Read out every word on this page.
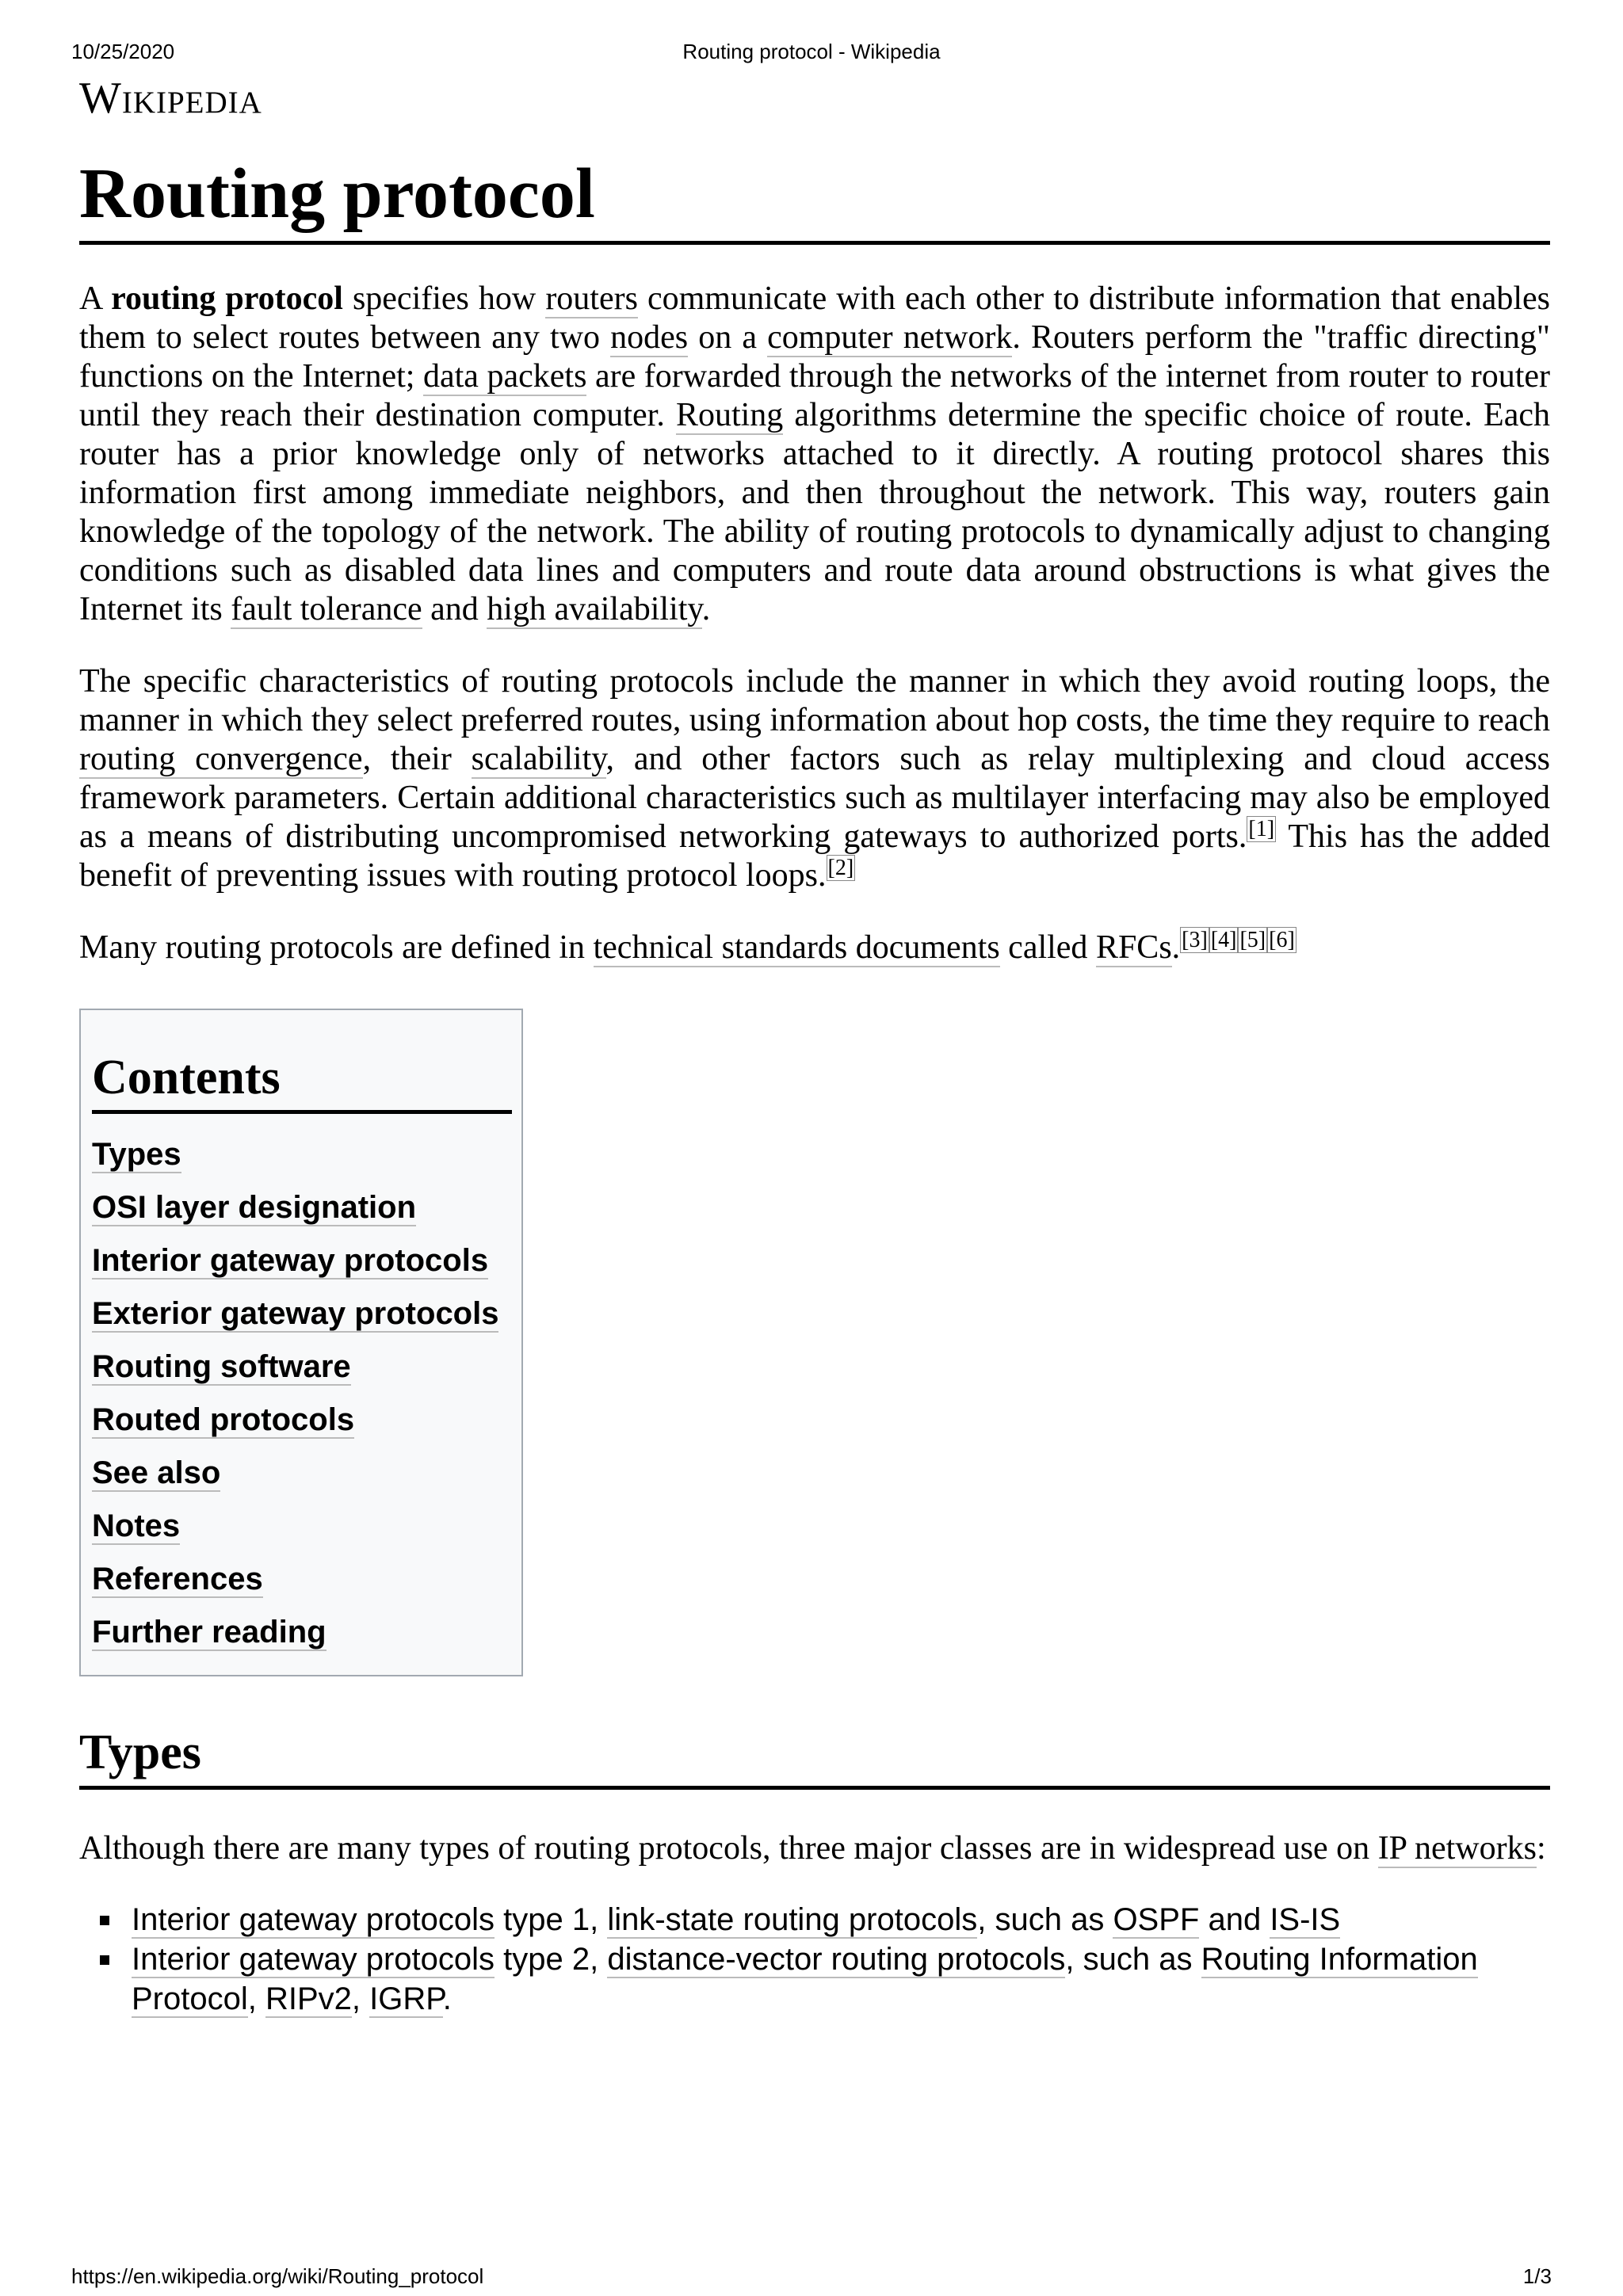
10/25/2020	Routing protocol - Wikipedia
Wikipedia
Routing protocol

A routing protocol specifies how routers communicate with each other to distribute information that enables them to select routes between any two nodes on a computer network. Routers perform the "traffic directing" functions on the Internet; data packets are forwarded through the networks of the internet from router to router until they reach their destination computer. Routing algorithms determine the specific choice of route. Each router has a prior knowledge only of networks attached to it directly. A routing protocol shares this information first among immediate neighbors, and then throughout the network. This way, routers gain knowledge of the topology of the network. The ability of routing protocols to dynamically adjust to changing conditions such as disabled data lines and computers and route data around obstructions is what gives the Internet its fault tolerance and high availability.

The specific characteristics of routing protocols include the manner in which they avoid routing loops, the manner in which they select preferred routes, using information about hop costs, the time they require to reach routing convergence, their scalability, and other factors such as relay multiplexing and cloud access framework parameters. Certain additional characteristics such as multilayer interfacing may also be employed as a means of distributing uncompromised networking gateways to authorized ports.[1] This has the added benefit of preventing issues with routing protocol loops.[2]

Many routing protocols are defined in technical standards documents called RFCs.[3] [4] [5] [6]

Contents
Types
OSI layer designation
Interior gateway protocols
Exterior gateway protocols
Routing software
Routed protocols
See also
Notes
References
Further reading
Types

Although there are many types of routing protocols, three major classes are in widespread use on IP networks:

Interior gateway protocols type 1, link-state routing protocols, such as OSPF and IS-IS
Interior gateway protocols type 2, distance-vector routing protocols, such as Routing Information Protocol, RIPv2, IGRP.
https://en.wikipedia.org/wiki/Routing_protocol	1/3
